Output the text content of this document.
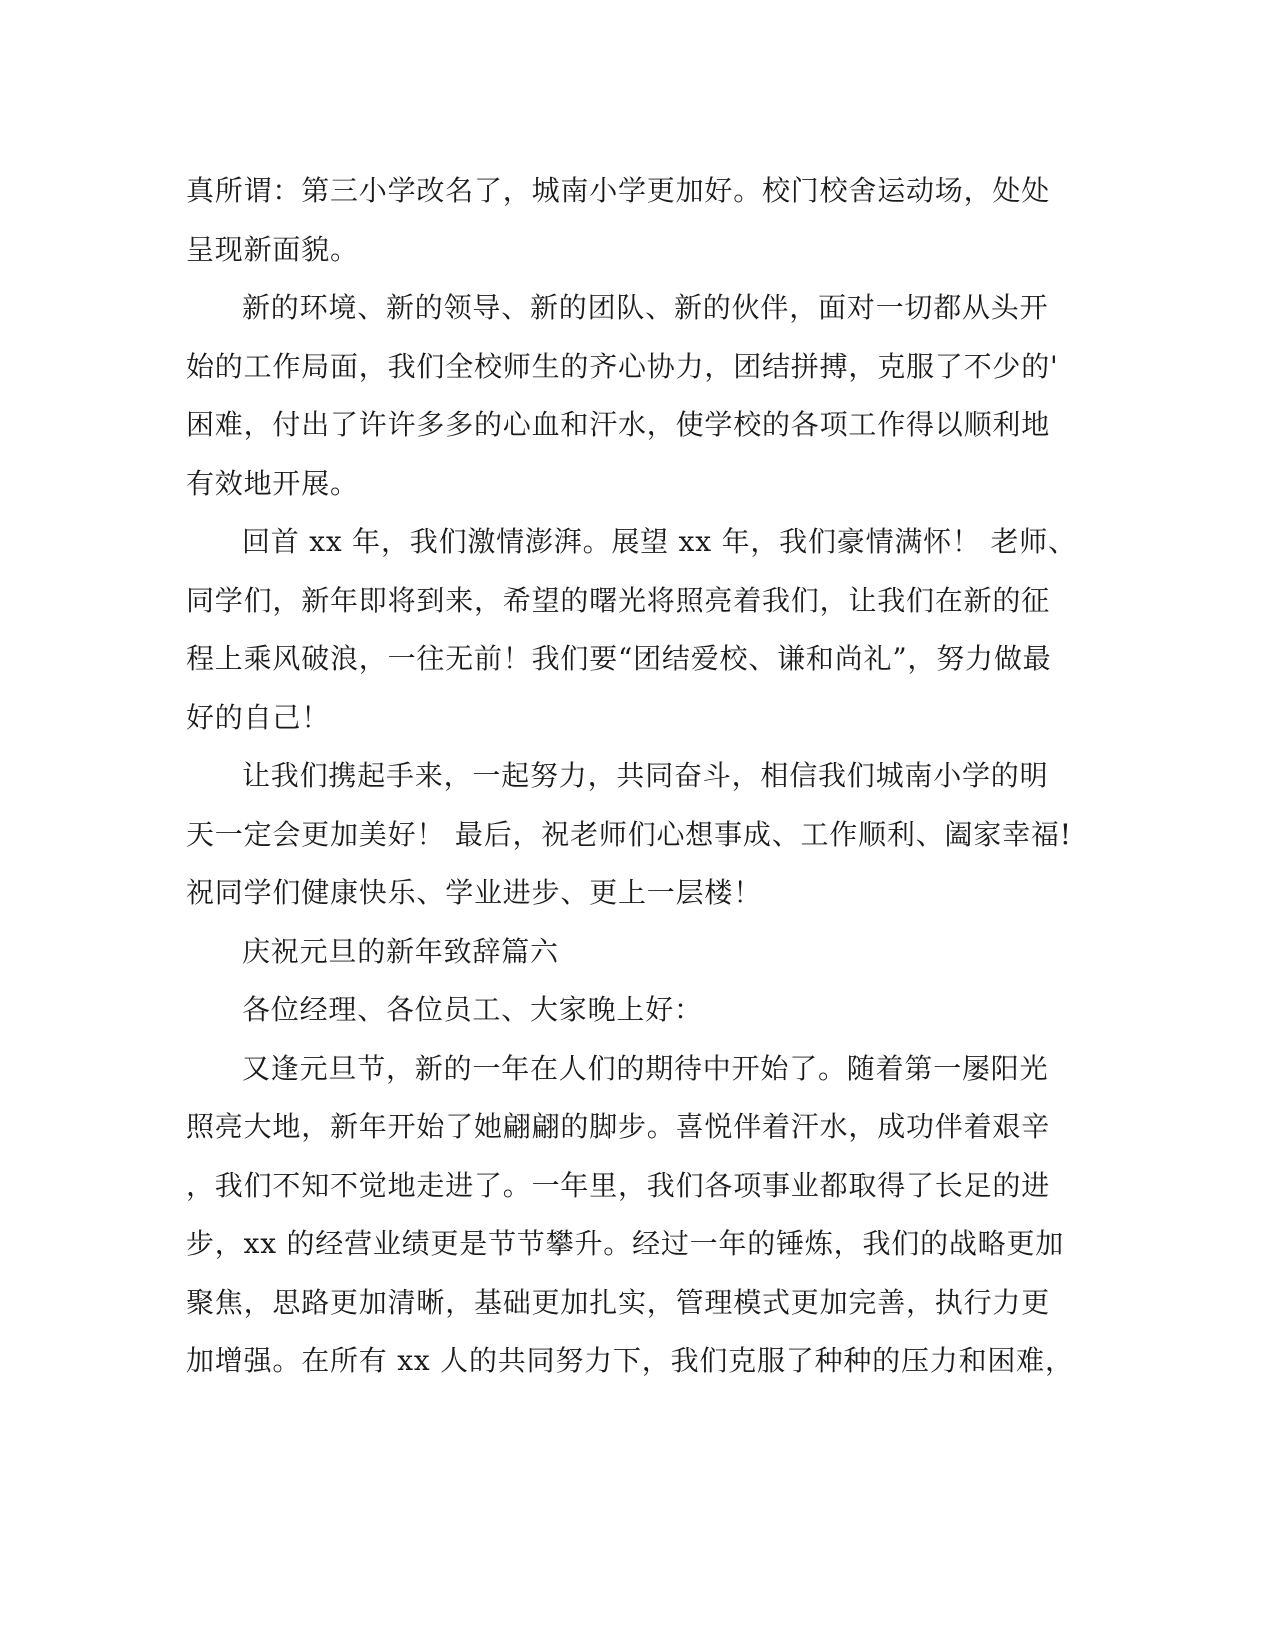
真所谓：第三小学改名了，城南小学更加好。校门校舍运动场，处处
呈现新面貌。

新的环境、新的领导、新的团队、新的伙伴，面对一切都从头开
始的工作局面，我们全校师生的齐心协力，团结拼搏，克服了不少的'
困难，付出了许许多多的心血和汗水，使学校的各项工作得以顺利地
有效地开展。

回首 xx 年，我们激情澎湃。展望 xx 年，我们豪情满怀！ 老师、
同学们，新年即将到来，希望的曙光将照亮着我们，让我们在新的征
程上乘风破浪，一往无前！我们要“团结爱校、谦和尚礼”，努力做最
好的自己！

让我们携起手来，一起努力，共同奋斗，相信我们城南小学的明
天一定会更加美好！ 最后，祝老师们心想事成、工作顺利、阖家幸福!
祝同学们健康快乐、学业进步、更上一层楼！

庆祝元旦的新年致辞篇六

各位经理、各位员工、大家晚上好：

又逢元旦节，新的一年在人们的期待中开始了。随着第一屡阳光
照亮大地，新年开始了她翩翩的脚步。喜悦伴着汗水，成功伴着艰辛
，我们不知不觉地走进了。一年里，我们各项事业都取得了长足的进
步，xx 的经营业绩更是节节攀升。经过一年的锤炼，我们的战略更加
聚焦，思路更加清晰，基础更加扎实，管理模式更加完善，执行力更
加增强。在所有 xx 人的共同努力下，我们克服了种种的压力和困难，
